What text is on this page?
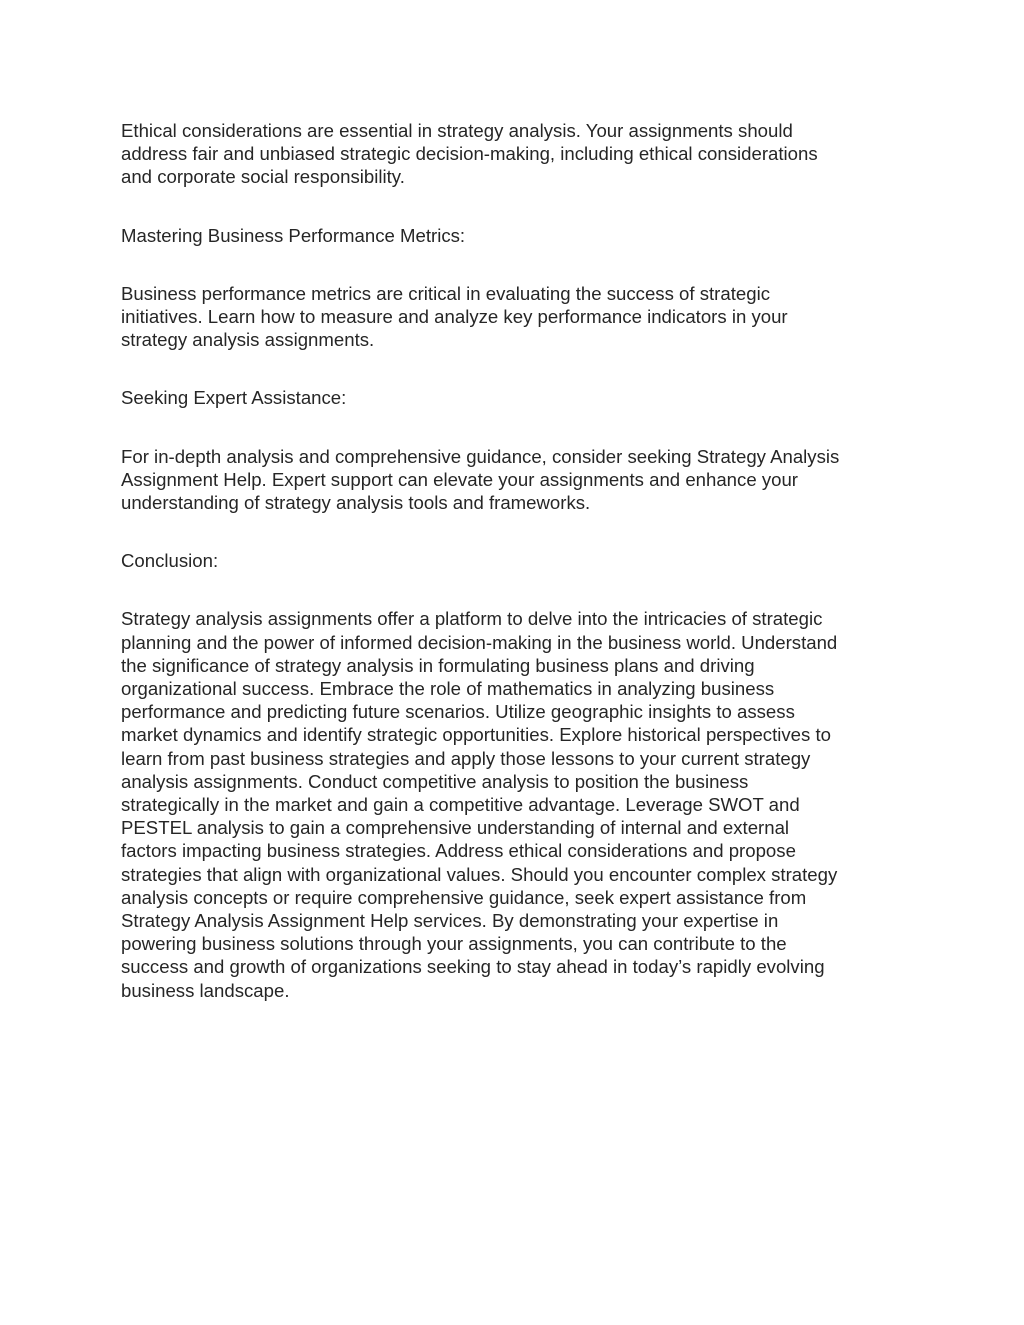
Ethical considerations are essential in strategy analysis. Your assignments should
address fair and unbiased strategic decision-making, including ethical considerations
and corporate social responsibility.

Mastering Business Performance Metrics:

Business performance metrics are critical in evaluating the success of strategic
initiatives. Learn how to measure and analyze key performance indicators in your
strategy analysis assignments.

Seeking Expert Assistance:

For in-depth analysis and comprehensive guidance, consider seeking Strategy Analysis
Assignment Help. Expert support can elevate your assignments and enhance your
understanding of strategy analysis tools and frameworks.

Conclusion:

Strategy analysis assignments offer a platform to delve into the intricacies of strategic
planning and the power of informed decision-making in the business world. Understand
the significance of strategy analysis in formulating business plans and driving
organizational success. Embrace the role of mathematics in analyzing business
performance and predicting future scenarios. Utilize geographic insights to assess
market dynamics and identify strategic opportunities. Explore historical perspectives to
learn from past business strategies and apply those lessons to your current strategy
analysis assignments. Conduct competitive analysis to position the business
strategically in the market and gain a competitive advantage. Leverage SWOT and
PESTEL analysis to gain a comprehensive understanding of internal and external
factors impacting business strategies. Address ethical considerations and propose
strategies that align with organizational values. Should you encounter complex strategy
analysis concepts or require comprehensive guidance, seek expert assistance from
Strategy Analysis Assignment Help services. By demonstrating your expertise in
powering business solutions through your assignments, you can contribute to the
success and growth of organizations seeking to stay ahead in today’s rapidly evolving
business landscape.
